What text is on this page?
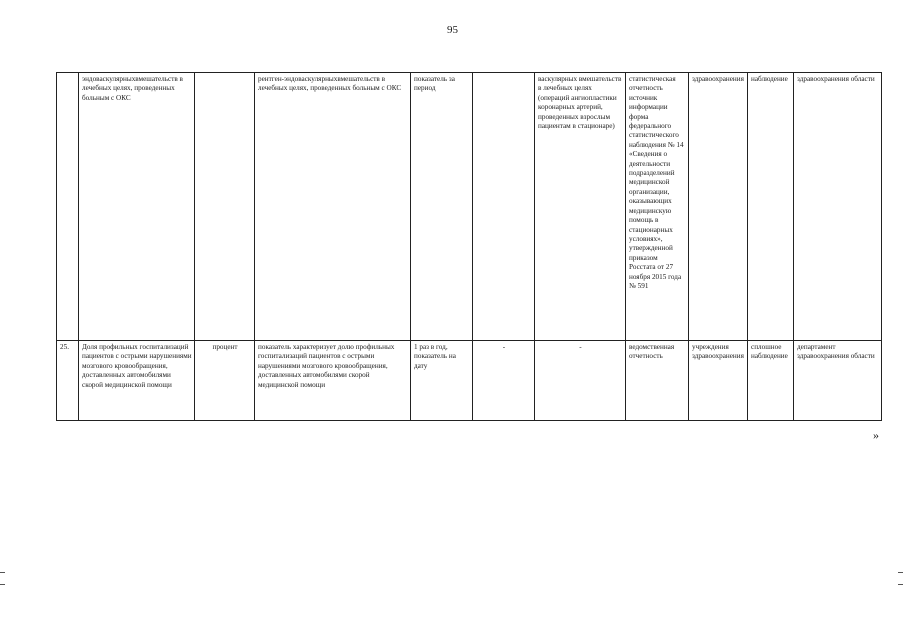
95
	эндоваскулярныхвмешательств в лечебных целях, проведенных больным с ОКС		рентген-эндоваскулярныхвмешательств в лечебных целях, проведенных больным с ОКС	показатель за период		васкулярных вмешательств в лечебных целях (операций ангиопластики коронарных артерий, проведенных взрослым пациентам в стационаре)	статистическая отчетность источник информации форма федерального статистического наблюдения № 14 «Сведения о деятельности подразделений медицинской организации, оказывающих медицинскую помощь в стационарных условиях», утвержденной приказом Росстата от 27 ноября 2015 года № 591	здравоохранения	наблюдение	здравоохранения области
25.	Доля профильных госпитализаций пациентов с острыми нарушениями мозгового кровообращения, доставленных автомобилями скорой медицинской помощи	процент	показатель характеризует долю профильных госпитализаций пациентов с острыми нарушениями мозгового кровообращения, доставленных автомобилями скорой медицинской помощи	1 раз в год, показатель на дату	-	-	ведомственная отчетность	учреждения здравоохранения	сплошное наблюдение	департамент здравоохранения области
»
